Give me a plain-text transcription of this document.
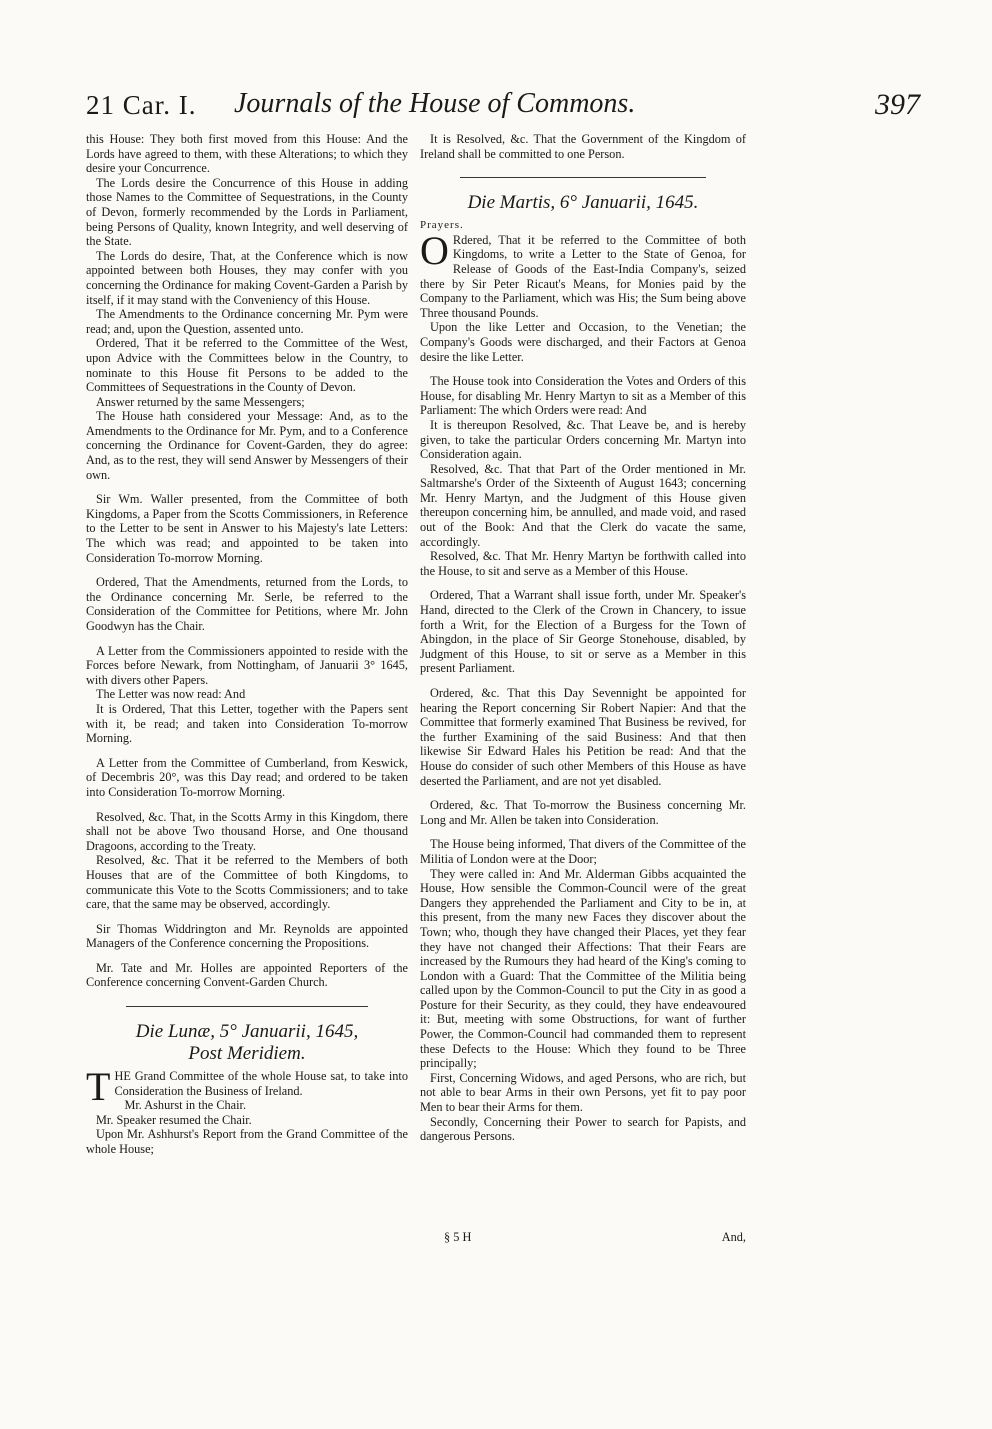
21 Car. I. Journals of the House of Commons.	397

this House: They both first moved from this House: And the Lords have agreed to them, with these Alterations; to which they desire your Concurrence.

The Lords desire the Concurrence of this House in adding those Names to the Committee of Sequestrations, in the County of Devon, formerly recommended by the Lords in Parliament, being Persons of Quality, known Integrity, and well deserving of the State.

The Lords do desire, That, at the Conference which is now appointed between both Houses, they may confer with you concerning the Ordinance for making Covent-Garden a Parish by itself, if it may stand with the Conveniency of this House.

The Amendments to the Ordinance concerning Mr. Pym were read; and, upon the Question, assented unto.

Ordered, That it be referred to the Committee of the West, upon Advice with the Committees below in the Country, to nominate to this House fit Persons to be added to the Committees of Sequestrations in the County of Devon.

Answer returned by the same Messengers;

The House hath considered your Message: And, as to the Amendments to the Ordinance for Mr. Pym, and to a Conference concerning the Ordinance for Covent-Garden, they do agree: And, as to the rest, they will send Answer by Messengers of their own.

Sir Wm. Waller presented, from the Committee of both Kingdoms, a Paper from the Scotts Commissioners, in Reference to the Letter to be sent in Answer to his Majesty's late Letters: The which was read; and appointed to be taken into Consideration To-morrow Morning.

Ordered, That the Amendments, returned from the Lords, to the Ordinance concerning Mr. Serle, be referred to the Consideration of the Committee for Petitions, where Mr. John Goodwyn has the Chair.

A Letter from the Commissioners appointed to reside with the Forces before Newark, from Nottingham, of Januarii 3° 1645, with divers other Papers.

The Letter was now read: And

It is Ordered, That this Letter, together with the Papers sent with it, be read; and taken into Consideration To-morrow Morning.

A Letter from the Committee of Cumberland, from Keswick, of Decembris 20°, was this Day read; and ordered to be taken into Consideration To-morrow Morning.

Resolved, &c. That, in the Scotts Army in this Kingdom, there shall not be above Two thousand Horse, and One thousand Dragoons, according to the Treaty.

Resolved, &c. That it be referred to the Members of both Houses that are of the Committee of both Kingdoms, to communicate this Vote to the Scotts Commissioners; and to take care, that the same may be observed, accordingly.

Sir Thomas Widdrington and Mr. Reynolds are appointed Managers of the Conference concerning the Propositions.

Mr. Tate and Mr. Holles are appointed Reporters of the Conference concerning Convent-Garden Church.

Die Lunæ, 5° Januarii, 1645,
Post Meridiem.

THE Grand Committee of the whole House sat, to take into Consideration the Business of Ireland.

Mr. Ashurst in the Chair.

Mr. Speaker resumed the Chair.

Upon Mr. Ashhurst's Report from the Grand Committee of the whole House;

It is Resolved, &c. That the Government of the Kingdom of Ireland shall be committed to one Person.

Die Martis, 6° Januarii, 1645.

Prayers.

O Rdered, That it be referred to the Committee of both Kingdoms, to write a Letter to the State of Genoa, for Release of Goods of the East-India Company's, seized there by Sir Peter Ricaut's Means, for Monies paid by the Company to the Parliament, which was His; the Sum being above Three thousand Pounds.

Upon the like Letter and Occasion, to the Venetian; the Company's Goods were discharged, and their Factors at Genoa desire the like Letter.

The House took into Consideration the Votes and Orders of this House, for disabling Mr. Henry Martyn to sit as a Member of this Parliament: The which Orders were read: And

It is thereupon Resolved, &c. That Leave be, and is hereby given, to take the particular Orders concerning Mr. Martyn into Consideration again.

Resolved, &c. That that Part of the Order mentioned in Mr. Saltmarshe's Order of the Sixteenth of August 1643; concerning Mr. Henry Martyn, and the Judgment of this House given thereupon concerning him, be annulled, and made void, and rased out of the Book: And that the Clerk do vacate the same, accordingly.

Resolved, &c. That Mr. Henry Martyn be forthwith called into the House, to sit and serve as a Member of this House.

Ordered, That a Warrant shall issue forth, under Mr. Speaker's Hand, directed to the Clerk of the Crown in Chancery, to issue forth a Writ, for the Election of a Burgess for the Town of Abingdon, in the place of Sir George Stonehouse, disabled, by Judgment of this House, to sit or serve as a Member in this present Parliament.

Ordered, &c. That this Day Sevennight be appointed for hearing the Report concerning Sir Robert Napier: And that the Committee that formerly examined That Business be revived, for the further Examining of the said Business: And that then likewise Sir Edward Hales his Petition be read: And that the House do consider of such other Members of this House as have deserted the Parliament, and are not yet disabled.

Ordered, &c. That To-morrow the Business concerning Mr. Long and Mr. Allen be taken into Consideration.

The House being informed, That divers of the Committee of the Militia of London were at the Door;

They were called in: And Mr. Alderman Gibbs acquainted the House, How sensible the Common-Council were of the great Dangers they apprehended the Parliament and City to be in, at this present, from the many new Faces they discover about the Town; who, though they have changed their Places, yet they fear they have not changed their Affections: That their Fears are increased by the Rumours they had heard of the King's coming to London with a Guard: That the Committee of the Militia being called upon by the Common-Council to put the City in as good a Posture for their Security, as they could, they have endeavoured it: But, meeting with some Obstructions, for want of further Power, the Common-Council had commanded them to represent these Defects to the House: Which they found to be Three principally;

First, Concerning Widows, and aged Persons, who are rich, but not able to bear Arms in their own Persons, yet fit to pay poor Men to bear their Arms for them.

Secondly, Concerning their Power to search for Papists, and dangerous Persons.

§ 5 H	And,
